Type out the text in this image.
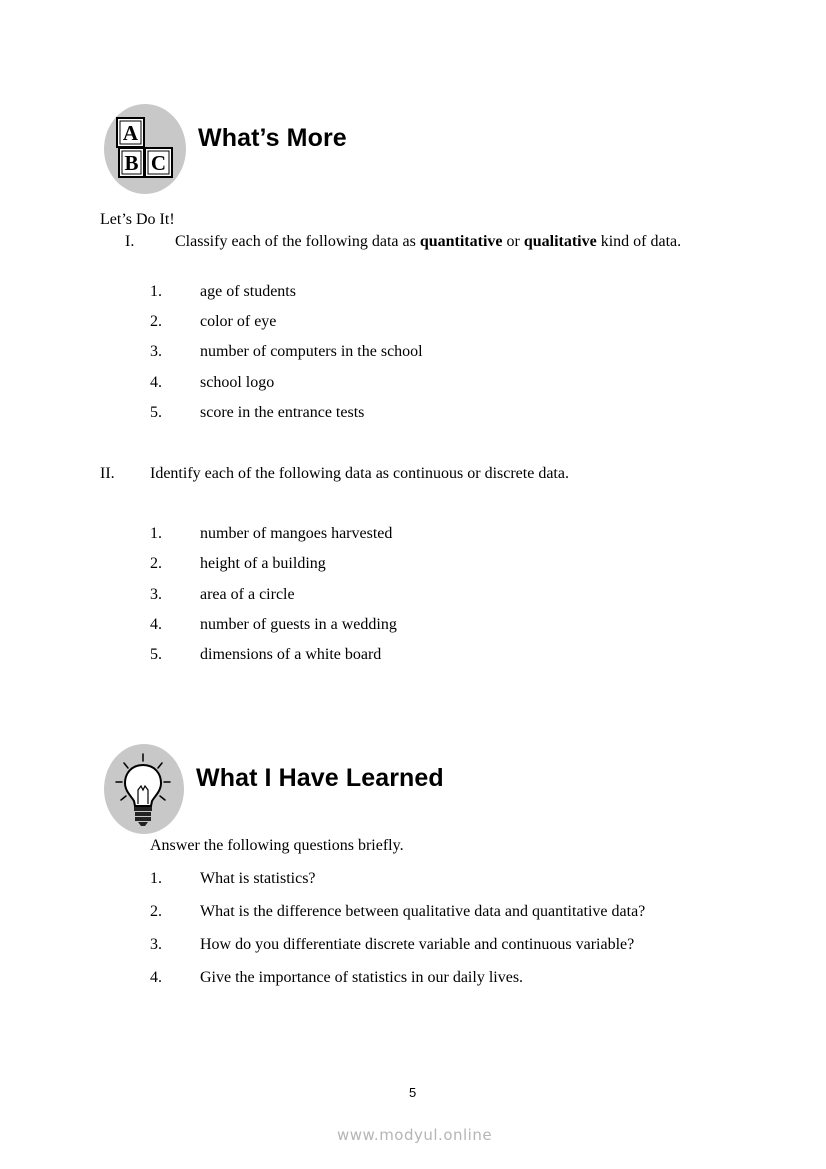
A
B C
What’s More
Let’s Do It!
I.	Classify each of the following data as quantitative or qualitative kind of data.
1.	age of students
2.	color of eye
3.	number of computers in the school
4.	school logo
5.	score in the entrance tests
II. Identify each of the following data as continuous or discrete data.
1.	number of mangoes harvested
2.	height of a building
3.	area of a circle
4.	number of guests in a wedding
5.	dimensions of a white board
What I Have Learned
Answer the following questions briefly.
1.	What is statistics?
2.	What is the difference between qualitative data and quantitative data?
3.	How do you differentiate discrete variable and continuous variable?
4.	Give the importance of statistics in our daily lives.
5
www.modyul.online
